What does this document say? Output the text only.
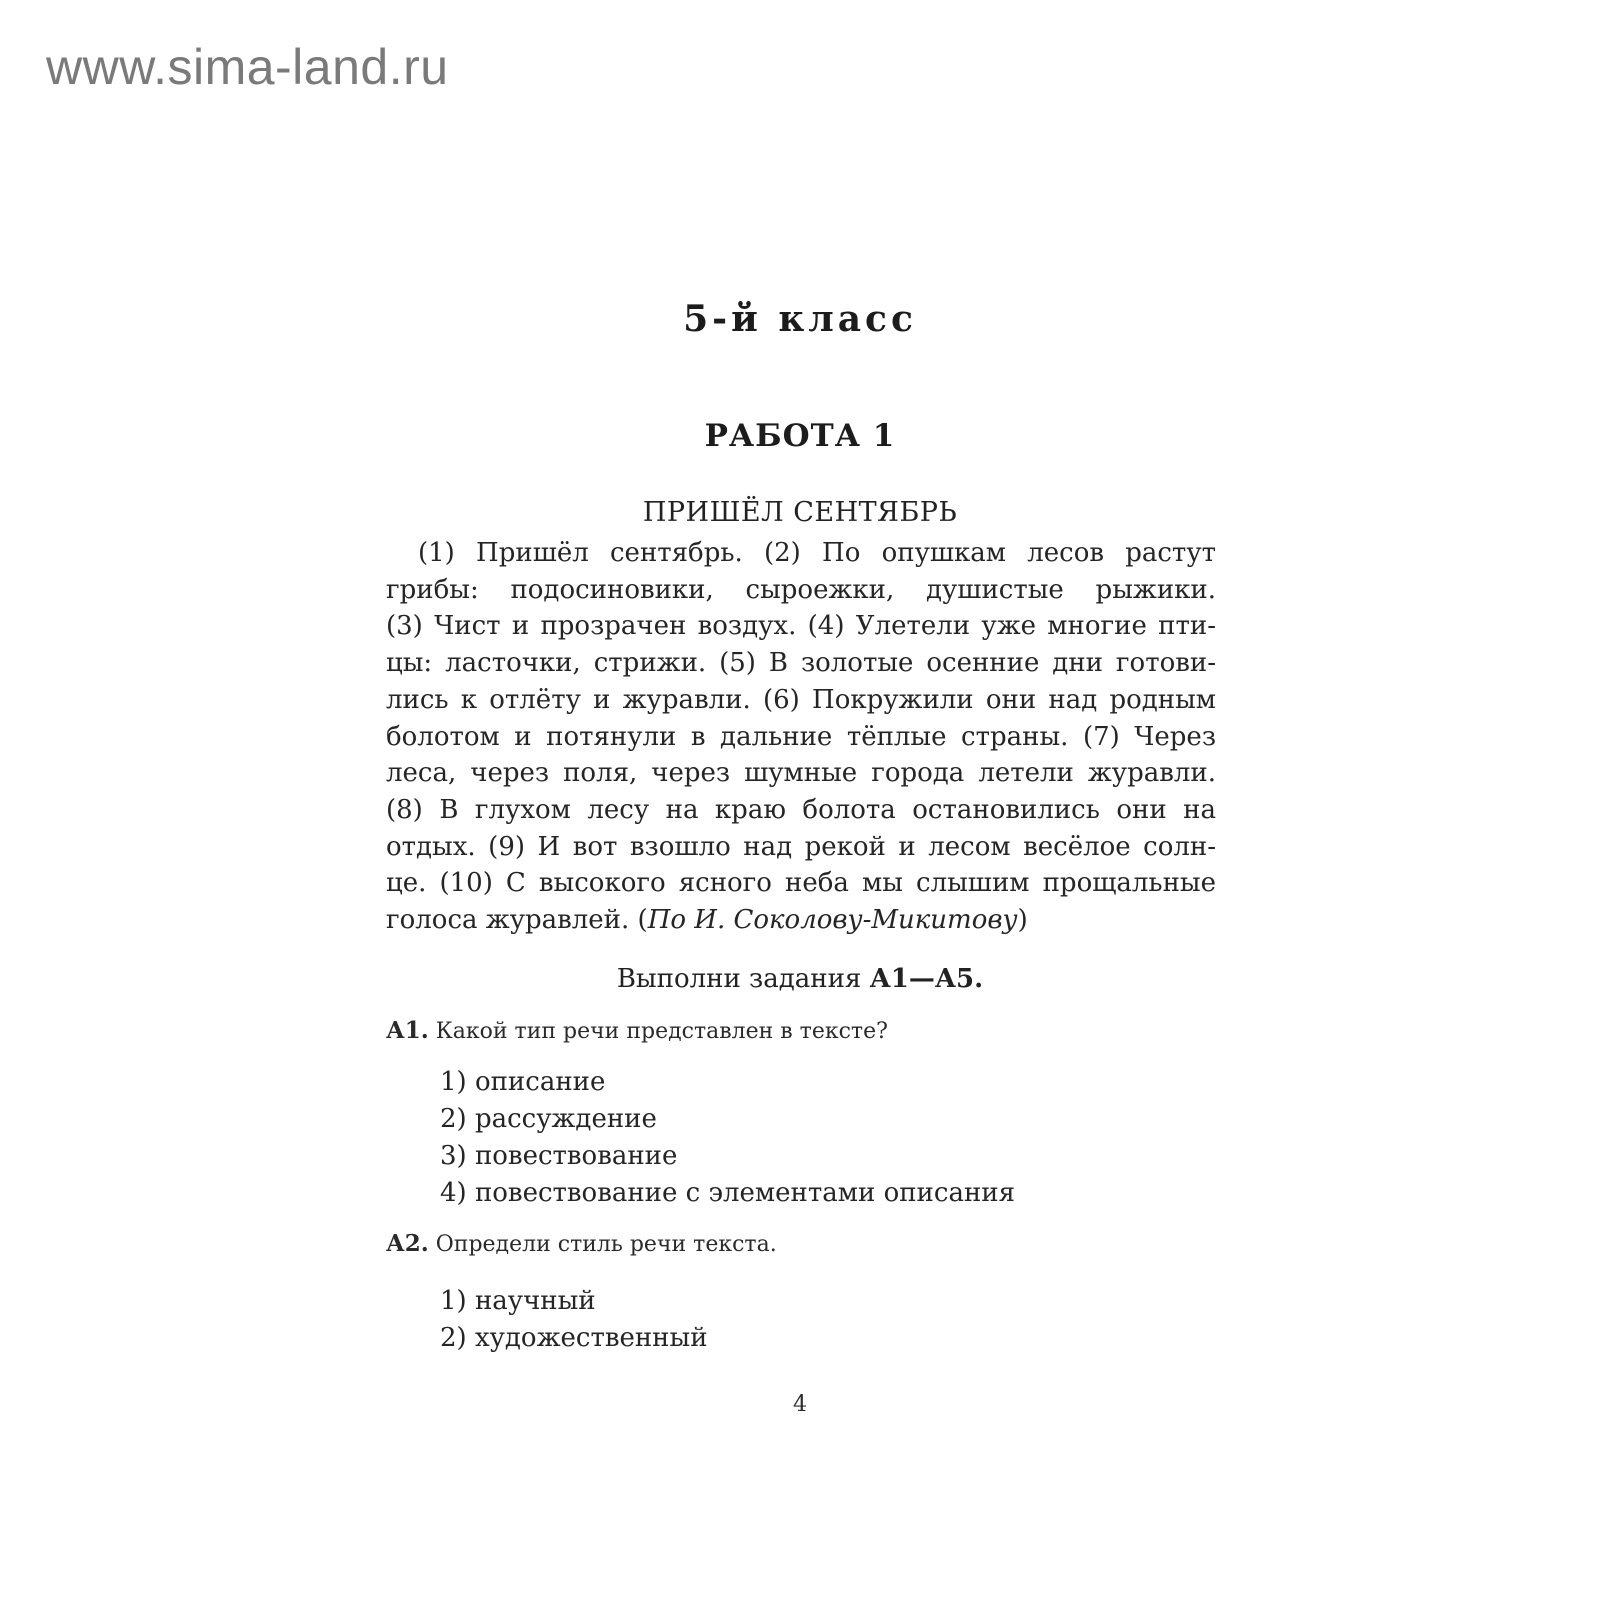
www.sima-land.ru
5-й класс
РАБОТА 1
ПРИШЁЛ СЕНТЯБРЬ
(1) Пришёл сентябрь. (2) По опушкам лесов растут
грибы: подосиновики, сыроежки, душистые рыжики.
(3) Чист и прозрачен воздух. (4) Улетели уже многие пти-
цы: ласточки, стрижи. (5) В золотые осенние дни готови-
лись к отлёту и журавли. (6) Покружили они над родным
болотом и потянули в дальние тёплые страны. (7) Через
леса, через поля, через шумные города летели журавли.
(8) В глухом лесу на краю болота остановились они на
отдых. (9) И вот взошло над рекой и лесом весёлое солн-
це. (10) С высокого ясного неба мы слышим прощальные
голоса журавлей. (По И. Соколову-Микитову)
Выполни задания А1—А5.
А1. Какой тип речи представлен в тексте?
1) описание
2) рассуждение
3) повествование
4) повествование с элементами описания
А2. Определи стиль речи текста.
1) научный
2) художественный
4
